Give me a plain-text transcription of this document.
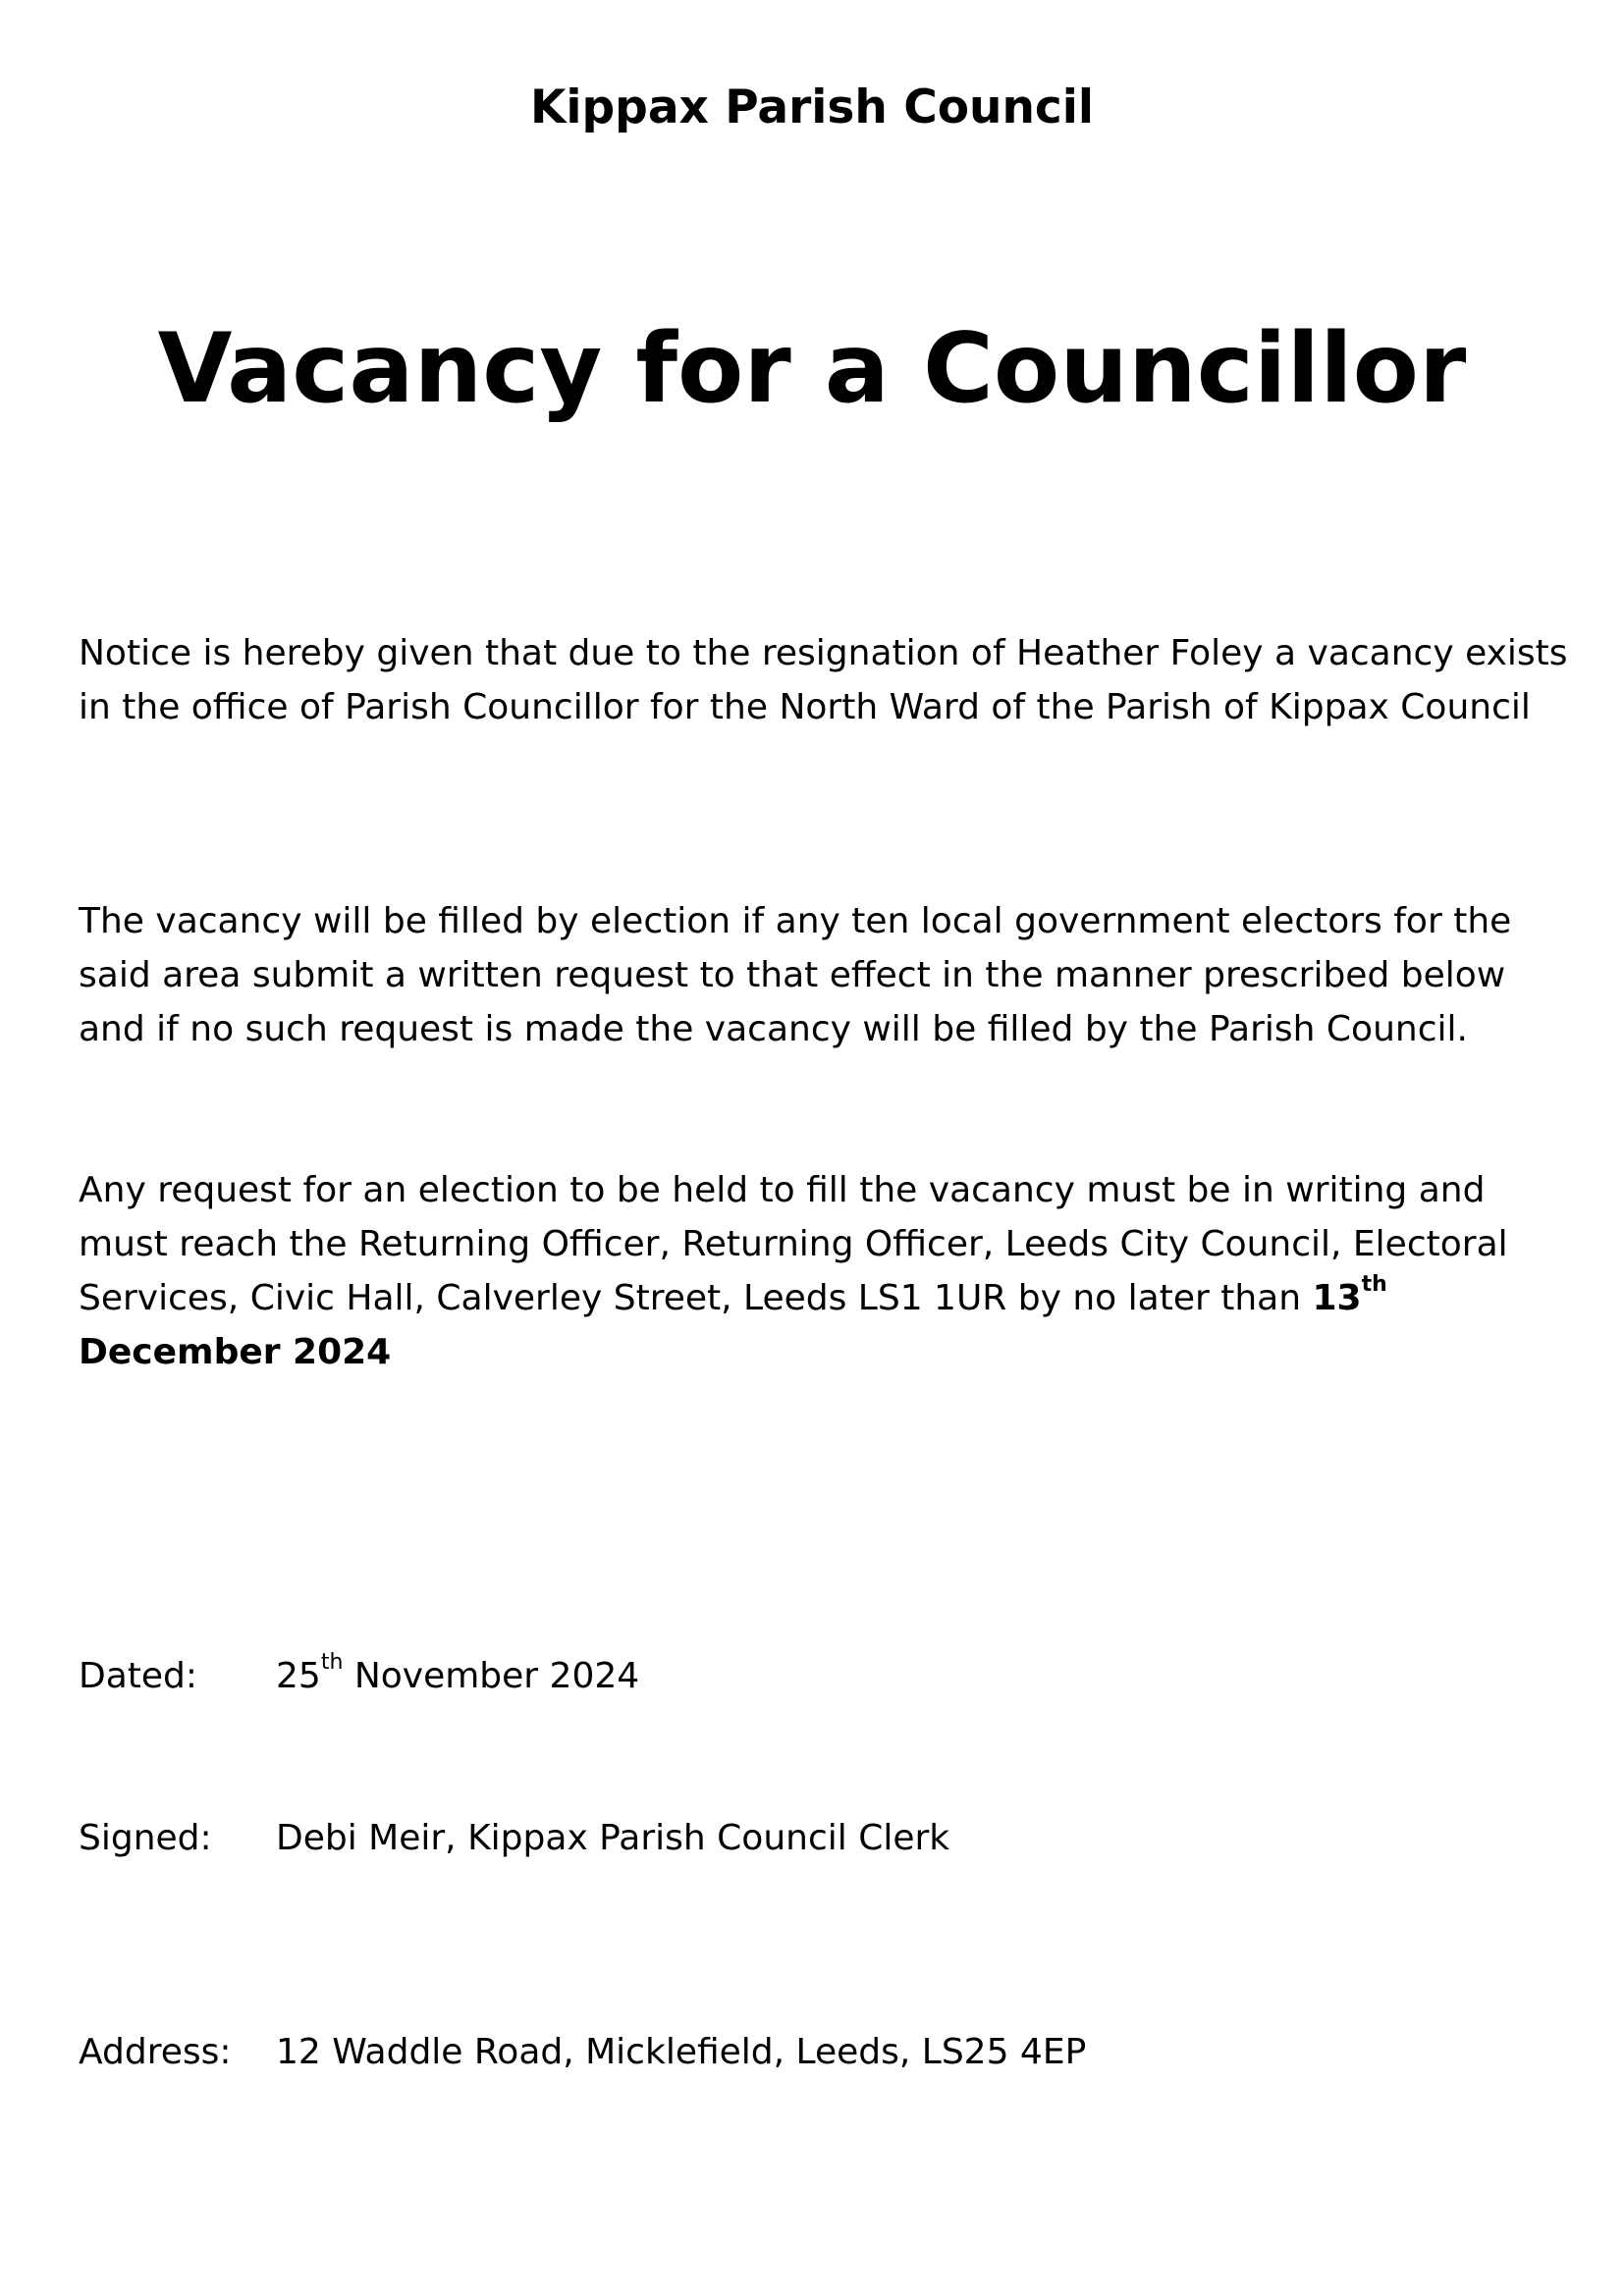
Kippax Parish Council
Vacancy for a Councillor

Notice is hereby given that due to the resignation of Heather Foley a vacancy exists in the office of Parish Councillor for the North Ward of the Parish of Kippax Council

The vacancy will be filled by election if any ten local government electors for the said area submit a written request to that effect in the manner prescribed below and if no such request is made the vacancy will be filled by the Parish Council.

Any request for an election to be held to fill the vacancy must be in writing and must reach the Returning Officer, Returning Officer, Leeds City Council, Electoral Services, Civic Hall, Calverley Street, Leeds LS1 1UR by no later than 13th December 2024

Dated: 25th November 2024
Signed: Debi Meir, Kippax Parish Council Clerk
Address: 12 Waddle Road, Micklefield, Leeds, LS25 4EP
